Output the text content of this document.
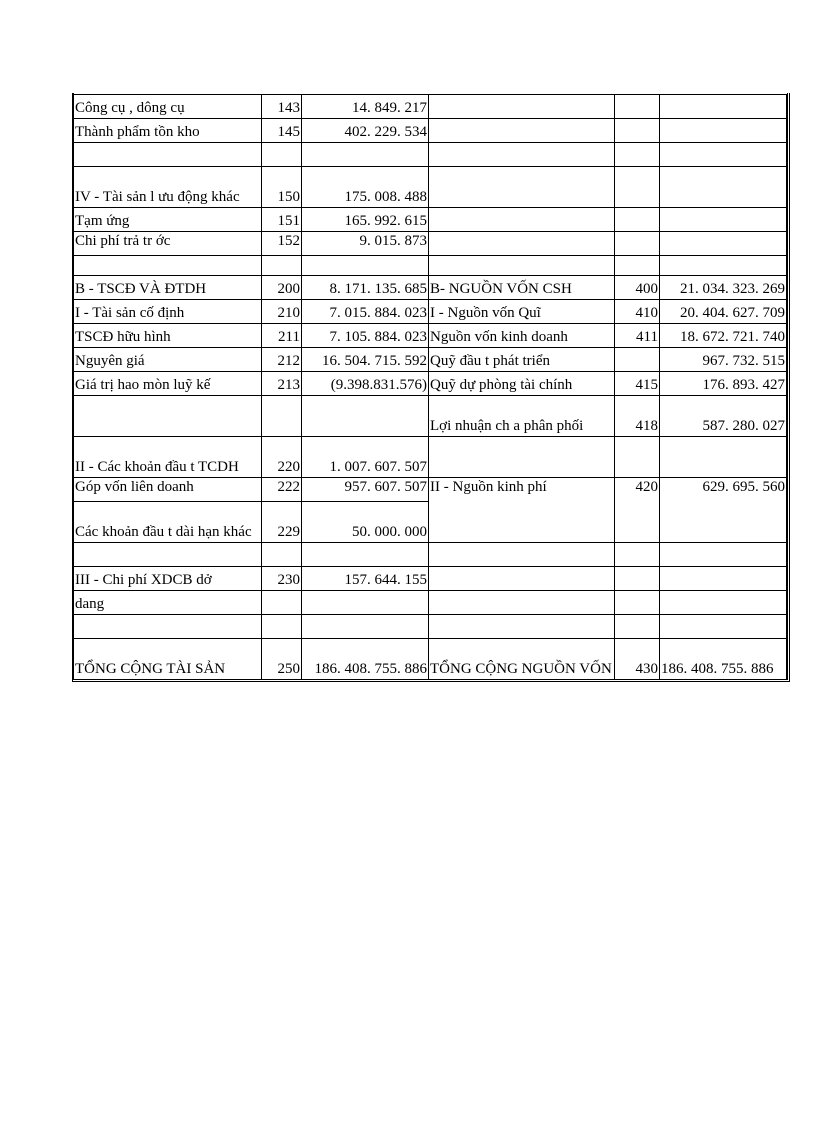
Công cụ , dông cụ	143	14. 849. 217			
Thành phẩm tồn kho	145	402. 229. 534			

IV - Tài sản l ưu động khác	150	175. 008. 488			
Tạm ứng	151	165. 992. 615			
Chi phí trả tr ớc	152	9. 015. 873			

B - TSCĐ VÀ ĐTDH	200	8. 171. 135. 685	B- NGUỒN VỐN CSH	400	21. 034. 323. 269
I - Tài sản cố định	210	7. 015. 884. 023	I - Nguồn vốn Quĩ	410	20. 404. 627. 709
TSCĐ hữu hình	211	7. 105. 884. 023	Nguồn vốn kinh doanh	411	18. 672. 721. 740
Nguyên giá	212	16. 504. 715. 592	Quỹ đầu t phát triển		967. 732. 515
Giá trị hao mòn luỹ kế	213	(9.398.831.576)	Quỹ dự phòng tài chính	415	176. 893. 427
			Lợi nhuận ch a phân phối	418	587. 280. 027
II - Các khoản đầu t TCDH	220	1. 007. 607. 507			
Góp vốn liên doanh	222	957. 607. 507	II - Nguồn kinh phí	420	629. 695. 560
Các khoản đầu t dài hạn khác	229	50. 000. 000			

III - Chi phí XDCB dở	230	157. 644. 155			
dang					

TỔNG CỘNG TÀI SẢN	250	186. 408. 755. 886	TỔNG CỘNG NGUỒN VỐN	430	186. 408. 755. 886
